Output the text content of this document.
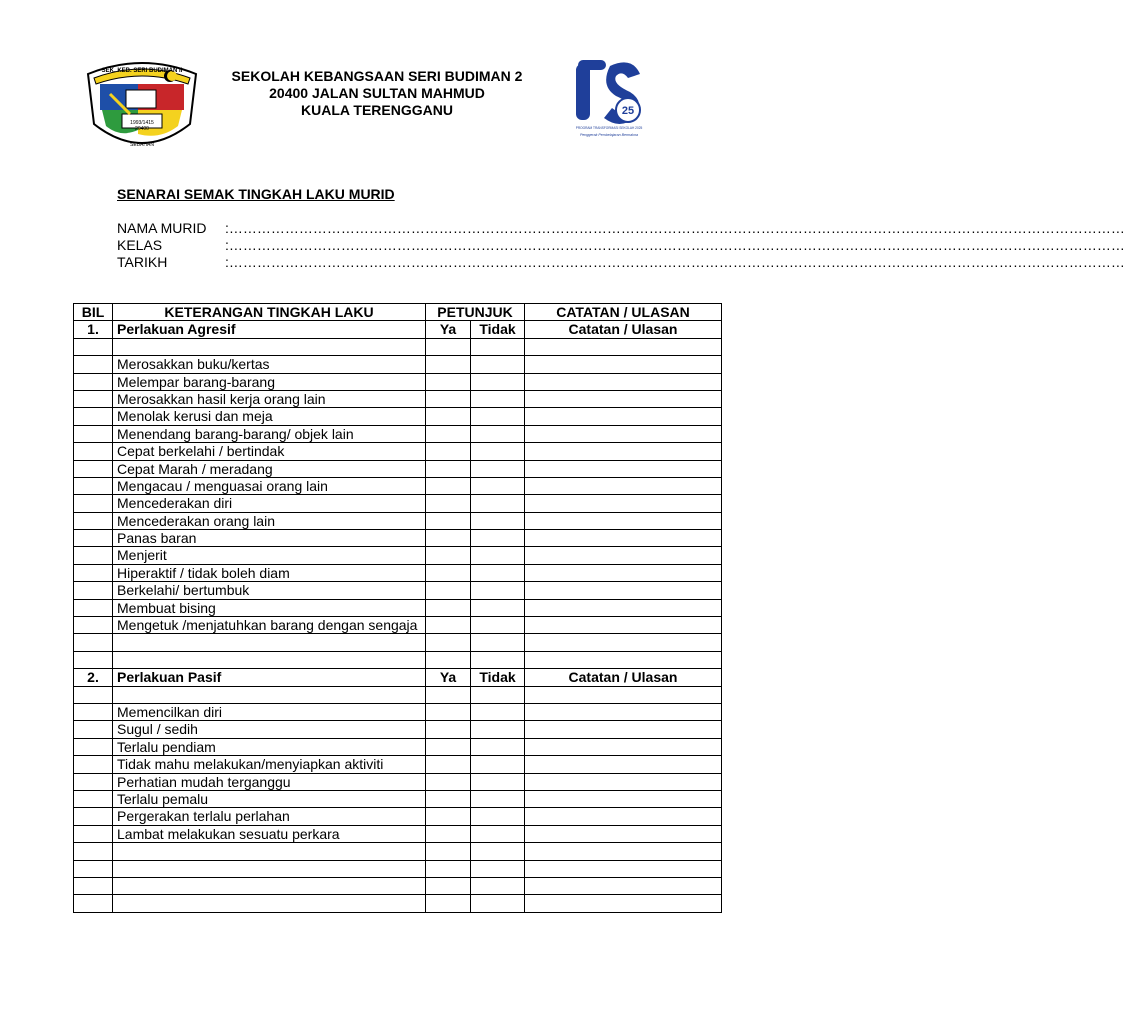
1993/1415
20400
SEK. KEB. SERI BUDIMAN II
SEBAHAN
25
PROGRAM TRANSFORMASI SEKOLAH 2025
Penggerak Pembelajaran Bermakna
SEKOLAH KEBANGSAAN SERI BUDIMAN 2
20400 JALAN SULTAN MAHMUD
KUALA TERENGGANU
SENARAI SEMAK TINGKAH LAKU MURID
NAMA MURID	:…………………………………………………………………………………………………………………………………………………………………………
KELAS	:…………………………………………………………………………………………………………………………………………………………………………
TARIKH	:…………………………………………………………………………………………………………………………………………………………………………
BIL	KETERANGAN TINGKAH LAKU	PETUNJUK		CATATAN / ULASAN
1.	Perlakuan Agresif	Ya	Tidak	Catatan / Ulasan

	Merosakkan buku/kertas			
	Melempar barang-barang			
	Merosakkan hasil kerja orang lain			
	Menolak kerusi dan meja			
	Menendang barang-barang/ objek lain			
	Cepat berkelahi / bertindak			
	Cepat Marah / meradang			
	Mengacau / menguasai orang lain			
	Mencederakan diri			
	Mencederakan orang lain			
	Panas baran			
	Menjerit			
	Hiperaktif / tidak boleh diam			
	Berkelahi/ bertumbuk			
	Membuat bising			
	Mengetuk /menjatuhkan barang dengan sengaja			

2.	Perlakuan Pasif	Ya	Tidak	Catatan / Ulasan

	Memencilkan diri			
	Sugul / sedih			
	Terlalu pendiam			
	Tidak mahu melakukan/menyiapkan aktiviti			
	Perhatian mudah terganggu			
	Terlalu pemalu			
	Pergerakan terlalu perlahan			
	Lambat melakukan sesuatu perkara			
